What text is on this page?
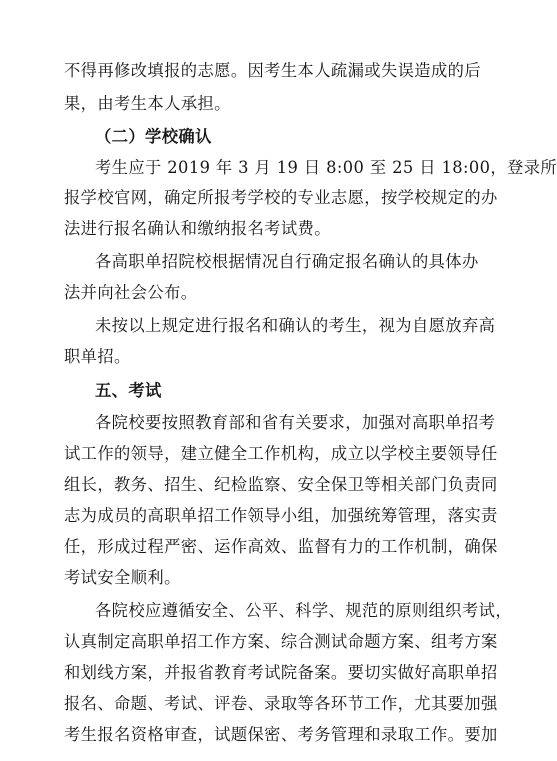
不得再修改填报的志愿。因考生本人疏漏或失误造成的后
果，由考生本人承担。
（二）学校确认
考生应于 2019 年 3 月 19 日 8:00 至 25 日 18:00，登录所
报学校官网，确定所报考学校的专业志愿，按学校规定的办
法进行报名确认和缴纳报名考试费。
各高职单招院校根据情况自行确定报名确认的具体办
法并向社会公布。
未按以上规定进行报名和确认的考生，视为自愿放弃高
职单招。
五、考试
各院校要按照教育部和省有关要求，加强对高职单招考
试工作的领导，建立健全工作机构，成立以学校主要领导任
组长，教务、招生、纪检监察、安全保卫等相关部门负责同
志为成员的高职单招工作领导小组，加强统筹管理，落实责
任，形成过程严密、运作高效、监督有力的工作机制，确保
考试安全顺利。
各院校应遵循安全、公平、科学、规范的原则组织考试，
认真制定高职单招工作方案、综合测试命题方案、组考方案
和划线方案，并报省教育考试院备案。要切实做好高职单招
报名、命题、考试、评卷、录取等各环节工作，尤其要加强
考生报名资格审查，试题保密、考务管理和录取工作。要加
